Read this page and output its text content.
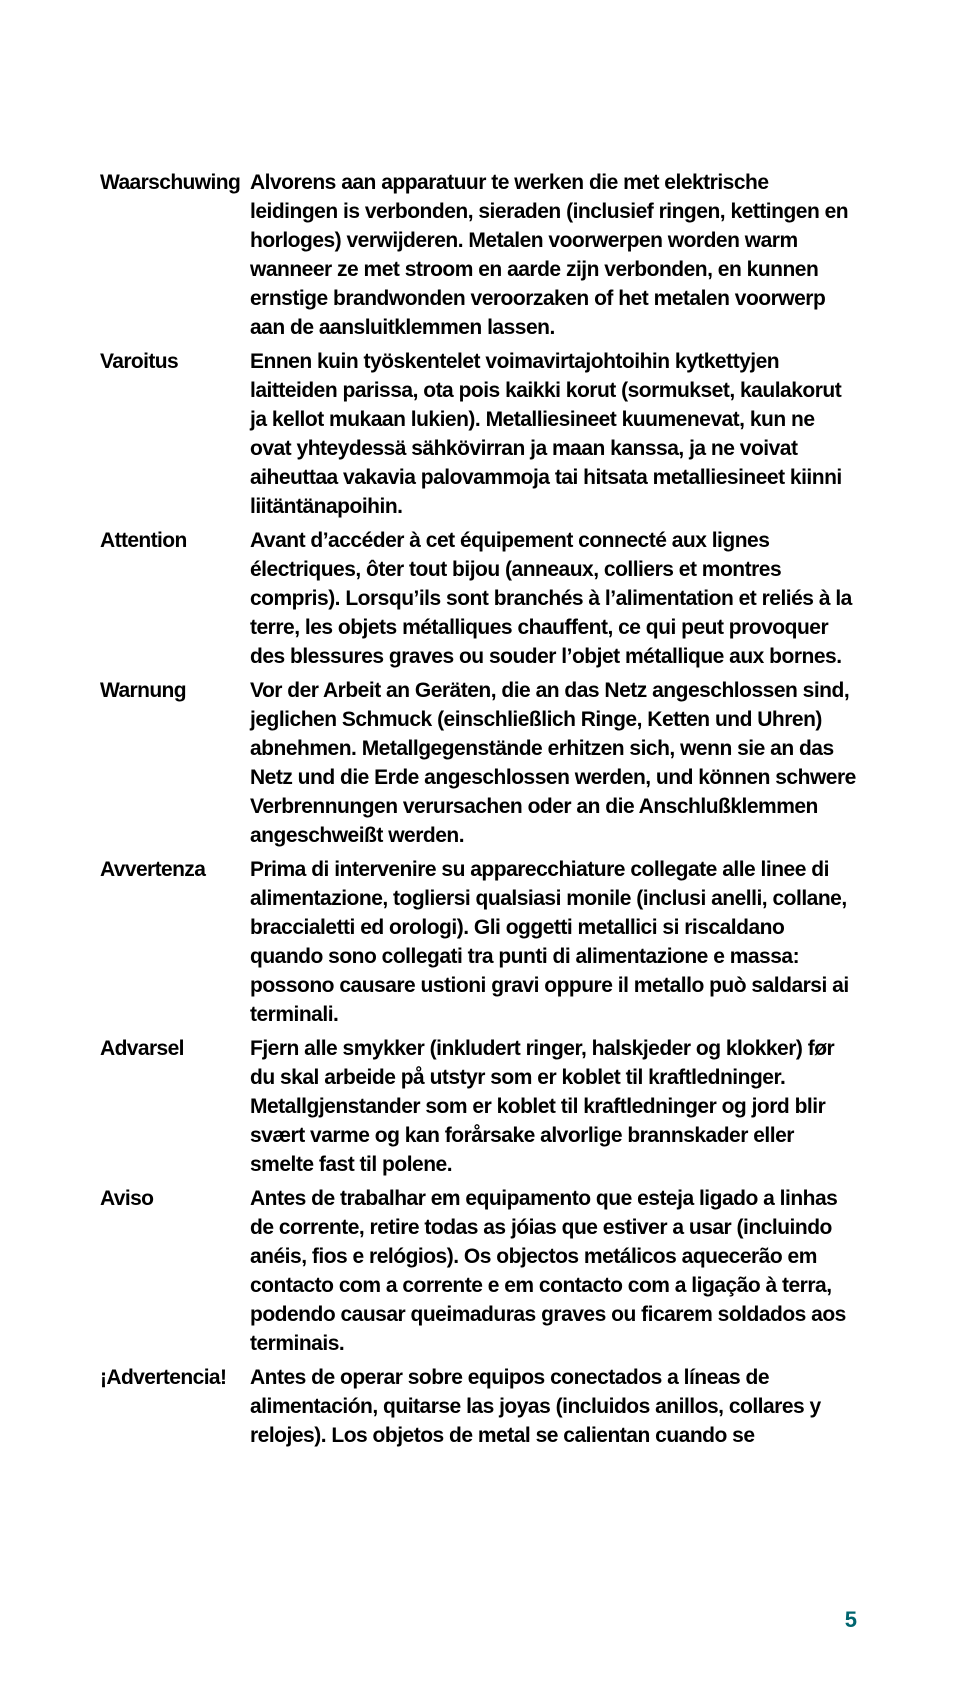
Waarschuwing Alvorens aan apparatuur te werken die met elektrische leidingen is verbonden, sieraden (inclusief ringen, kettingen en horloges) verwijderen. Metalen voorwerpen worden warm wanneer ze met stroom en aarde zijn verbonden, en kunnen ernstige brandwonden veroorzaken of het metalen voorwerp aan de aansluitklemmen lassen.
Varoitus	Ennen kuin työskentelet voimavirtajohtoihin kytkettyjen laitteiden parissa, ota pois kaikki korut (sormukset, kaulakorut ja kellot mukaan lukien). Metalliesineet kuumenevat, kun ne ovat yhteydessä sähkövirran ja maan kanssa, ja ne voivat aiheuttaa vakavia palovammoja tai hitsata metalliesineet kiinni liitäntänapoihin.
Attention	Avant d’accéder à cet équipement connecté aux lignes électriques, ôter tout bijou (anneaux, colliers et montres compris). Lorsqu’ils sont branchés à l’alimentation et reliés à la terre, les objets métalliques chauffent, ce qui peut provoquer des blessures graves ou souder l’objet métallique aux bornes.
Warnung	Vor der Arbeit an Geräten, die an das Netz angeschlossen sind, jeglichen Schmuck (einschließlich Ringe, Ketten und Uhren) abnehmen. Metallgegenstände erhitzen sich, wenn sie an das Netz und die Erde angeschlossen werden, und können schwere Verbrennungen verursachen oder an die Anschlußklemmen angeschweißt werden.
Avvertenza	Prima di intervenire su apparecchiature collegate alle linee di alimentazione, togliersi qualsiasi monile (inclusi anelli, collane, braccialetti ed orologi). Gli oggetti metallici si riscaldano quando sono collegati tra punti di alimentazione e massa: possono causare ustioni gravi oppure il metallo può saldarsi ai terminali.
Advarsel	Fjern alle smykker (inkludert ringer, halskjeder og klokker) før du skal arbeide på utstyr som er koblet til kraftledninger. Metallgjenstander som er koblet til kraftledninger og jord blir svært varme og kan forårsake alvorlige brannskader eller smelte fast til polene.
Aviso	Antes de trabalhar em equipamento que esteja ligado a linhas de corrente, retire todas as jóias que estiver a usar (incluindo anéis, fios e relógios). Os objectos metálicos aquecerão em contacto com a corrente e em contacto com a ligação à terra, podendo causar queimaduras graves ou ficarem soldados aos terminais.
¡Advertencia!	Antes de operar sobre equipos conectados a líneas de alimentación, quitarse las joyas (incluidos anillos, collares y relojes). Los objetos de metal se calientan cuando se
5
